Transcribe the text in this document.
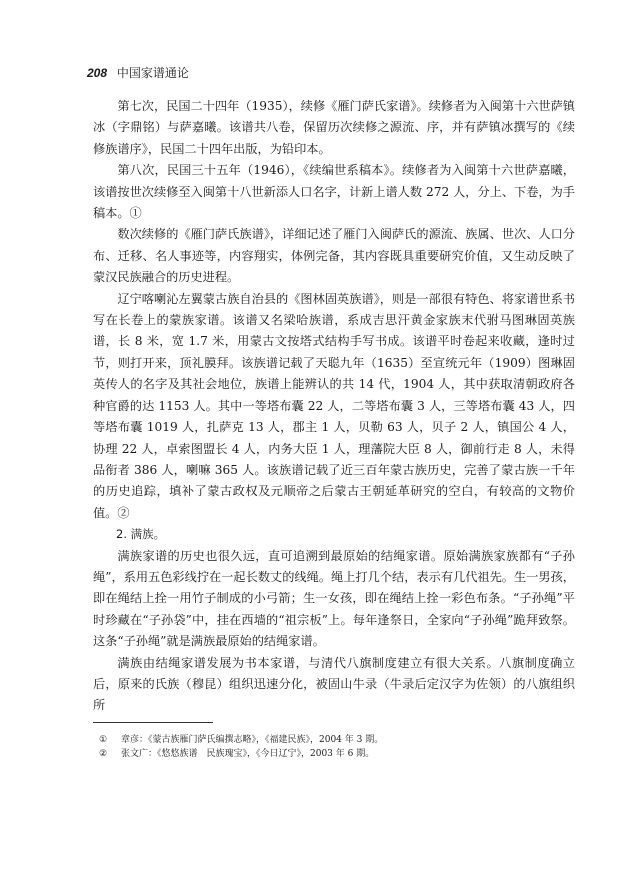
208 中国家谱通论

第七次，民国二十四年（1935），续修《雁门萨氏家谱》。续修者为入闽第十六世萨镇冰（字鼎铭）与萨嘉曦。该谱共八卷，保留历次续修之源流、序，并有萨镇冰撰写的《续修族谱序》，民国二十四年出版，为铅印本。

第八次，民国三十五年（1946），《续编世系稿本》。续修者为入闽第十六世萨嘉曦，该谱按世次续修至入闽第十八世新添人口名字，计新上谱人数 272 人，分上、下卷，为手稿本。①

数次续修的《雁门萨氏族谱》，详细记述了雁门入闽萨氏的源流、族属、世次、人口分布、迁移、名人事迹等，内容翔实，体例完备，其内容既具重要研究价值，又生动反映了蒙汉民族融合的历史进程。

辽宁喀喇沁左翼蒙古族自治县的《图林固英族谱》，则是一部很有特色、将家谱世系书写在长卷上的蒙族家谱。该谱又名梁哈族谱，系成吉思汗黄金家族末代驸马图琳固英族谱，长 8 米，宽 1.7 米，用蒙古文按塔式结构手写书成。该谱平时卷起来收藏，逢时过节，则打开来，顶礼膜拜。该族谱记载了天聪九年（1635）至宣统元年（1909）图琳固英传人的名字及其社会地位，族谱上能辨认的共 14 代，1904 人，其中获取清朝政府各种官爵的达 1153 人。其中一等塔布囊 22 人，二等塔布囊 3 人，三等塔布囊 43 人，四等塔布囊 1019 人，扎萨克 13 人，郡主 1 人，贝勒 63 人，贝子 2 人，镇国公 4 人，协理 22 人，卓索图盟长 4 人，内务大臣 1 人，理藩院大臣 8 人，御前行走 8 人，未得品衔者 386 人，喇嘛 365 人。该族谱记载了近三百年蒙古族历史，完善了蒙古族一千年的历史追踪，填补了蒙古政权及元顺帝之后蒙古王朝延革研究的空白，有较高的文物价值。②

2. 满族。

满族家谱的历史也很久远，直可追溯到最原始的结绳家谱。原始满族家族都有“子孙绳”，系用五色彩线拧在一起长数丈的线绳。绳上打几个结，表示有几代祖先。生一男孩，即在绳结上拴一用竹子制成的小弓箭；生一女孩，即在绳结上拴一彩色布条。“子孙绳”平时珍藏在“子孙袋”中，挂在西墙的“祖宗板”上。每年逢祭日，全家向“子孙绳”跪拜致祭。这条“子孙绳”就是满族最原始的结绳家谱。

满族由结绳家谱发展为书本家谱，与清代八旗制度建立有很大关系。八旗制度确立后，原来的氏族（穆昆）组织迅速分化，被固山牛录（牛录后定汉字为佐领）的八旗组织所

①	章彦：《蒙古族雁门萨氏编撰志略》，《福建民族》，2004 年 3 期。
②	张文广：《悠悠族谱　民族瑰宝》，《今日辽宁》，2003 年 6 期。
